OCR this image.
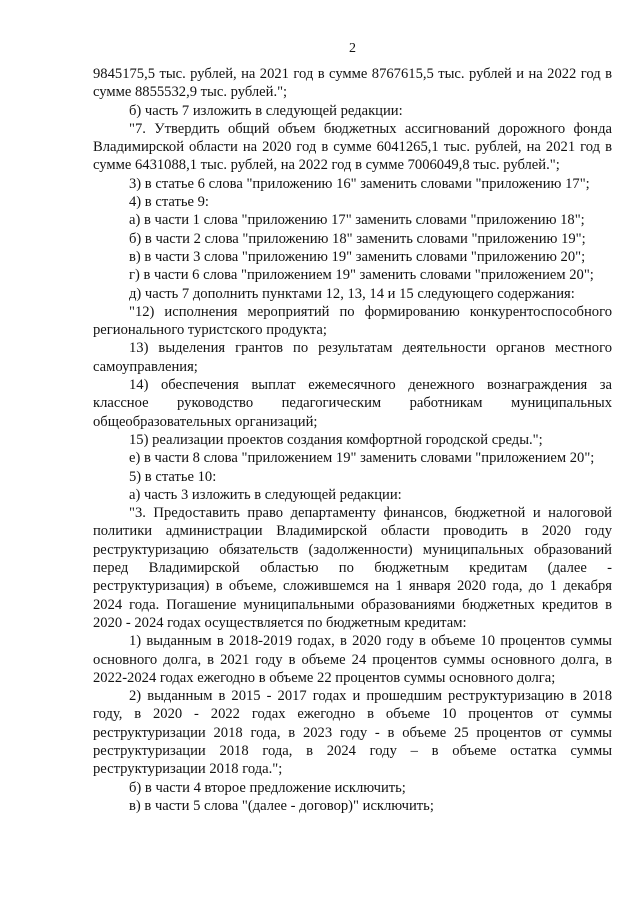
2

9845175,5 тыс. рублей, на 2021 год в сумме 8767615,5 тыс. рублей и на 2022 год в сумме 8855532,9 тыс. рублей.";

б) часть 7 изложить в следующей редакции:

"7. Утвердить общий объем бюджетных ассигнований дорожного фонда Владимирской области на 2020 год в сумме 6041265,1 тыс. рублей, на 2021 год в сумме 6431088,1 тыс. рублей, на 2022 год в сумме 7006049,8 тыс. рублей.";

3) в статье 6 слова "приложению 16" заменить словами "приложению 17";

4) в статье 9:

а) в части 1 слова "приложению 17" заменить словами "приложению 18";

б) в части 2 слова "приложению 18" заменить словами "приложению 19";

в) в части 3 слова "приложению 19" заменить словами "приложению 20";

г) в части 6 слова "приложением 19" заменить словами "приложением 20";

д) часть 7 дополнить пунктами 12, 13, 14 и 15 следующего содержания:

"12) исполнения мероприятий по формированию конкурентоспособного регионального туристского продукта;

13) выделения грантов по результатам деятельности органов местного самоуправления;

14) обеспечения выплат ежемесячного денежного вознаграждения за классное руководство педагогическим работникам муниципальных общеобразовательных организаций;

15) реализации проектов создания комфортной городской среды.";

е) в части 8 слова "приложением 19" заменить словами "приложением 20";

5) в статье 10:

а) часть 3 изложить в следующей редакции:

"3. Предоставить право департаменту финансов, бюджетной и налоговой политики администрации Владимирской области проводить в 2020 году реструктуризацию обязательств (задолженности) муниципальных образований перед Владимирской областью по бюджетным кредитам (далее - реструктуризация) в объеме, сложившемся на 1 января 2020 года, до 1 декабря 2024 года. Погашение муниципальными образованиями бюджетных кредитов в 2020 - 2024 годах осуществляется по бюджетным кредитам:

1) выданным в 2018-2019 годах, в 2020 году в объеме 10 процентов суммы основного долга, в 2021 году в объеме 24 процентов суммы основного долга, в 2022-2024 годах ежегодно в объеме 22 процентов суммы основного долга;

2) выданным в 2015 - 2017 годах и прошедшим реструктуризацию в 2018 году, в 2020 - 2022 годах ежегодно в объеме 10 процентов от суммы реструктуризации 2018 года, в 2023 году - в объеме 25 процентов от суммы реструктуризации 2018 года, в 2024 году – в объеме остатка суммы реструктуризации 2018 года.";

б) в части 4 второе предложение исключить;

в) в части 5 слова "(далее - договор)" исключить;
